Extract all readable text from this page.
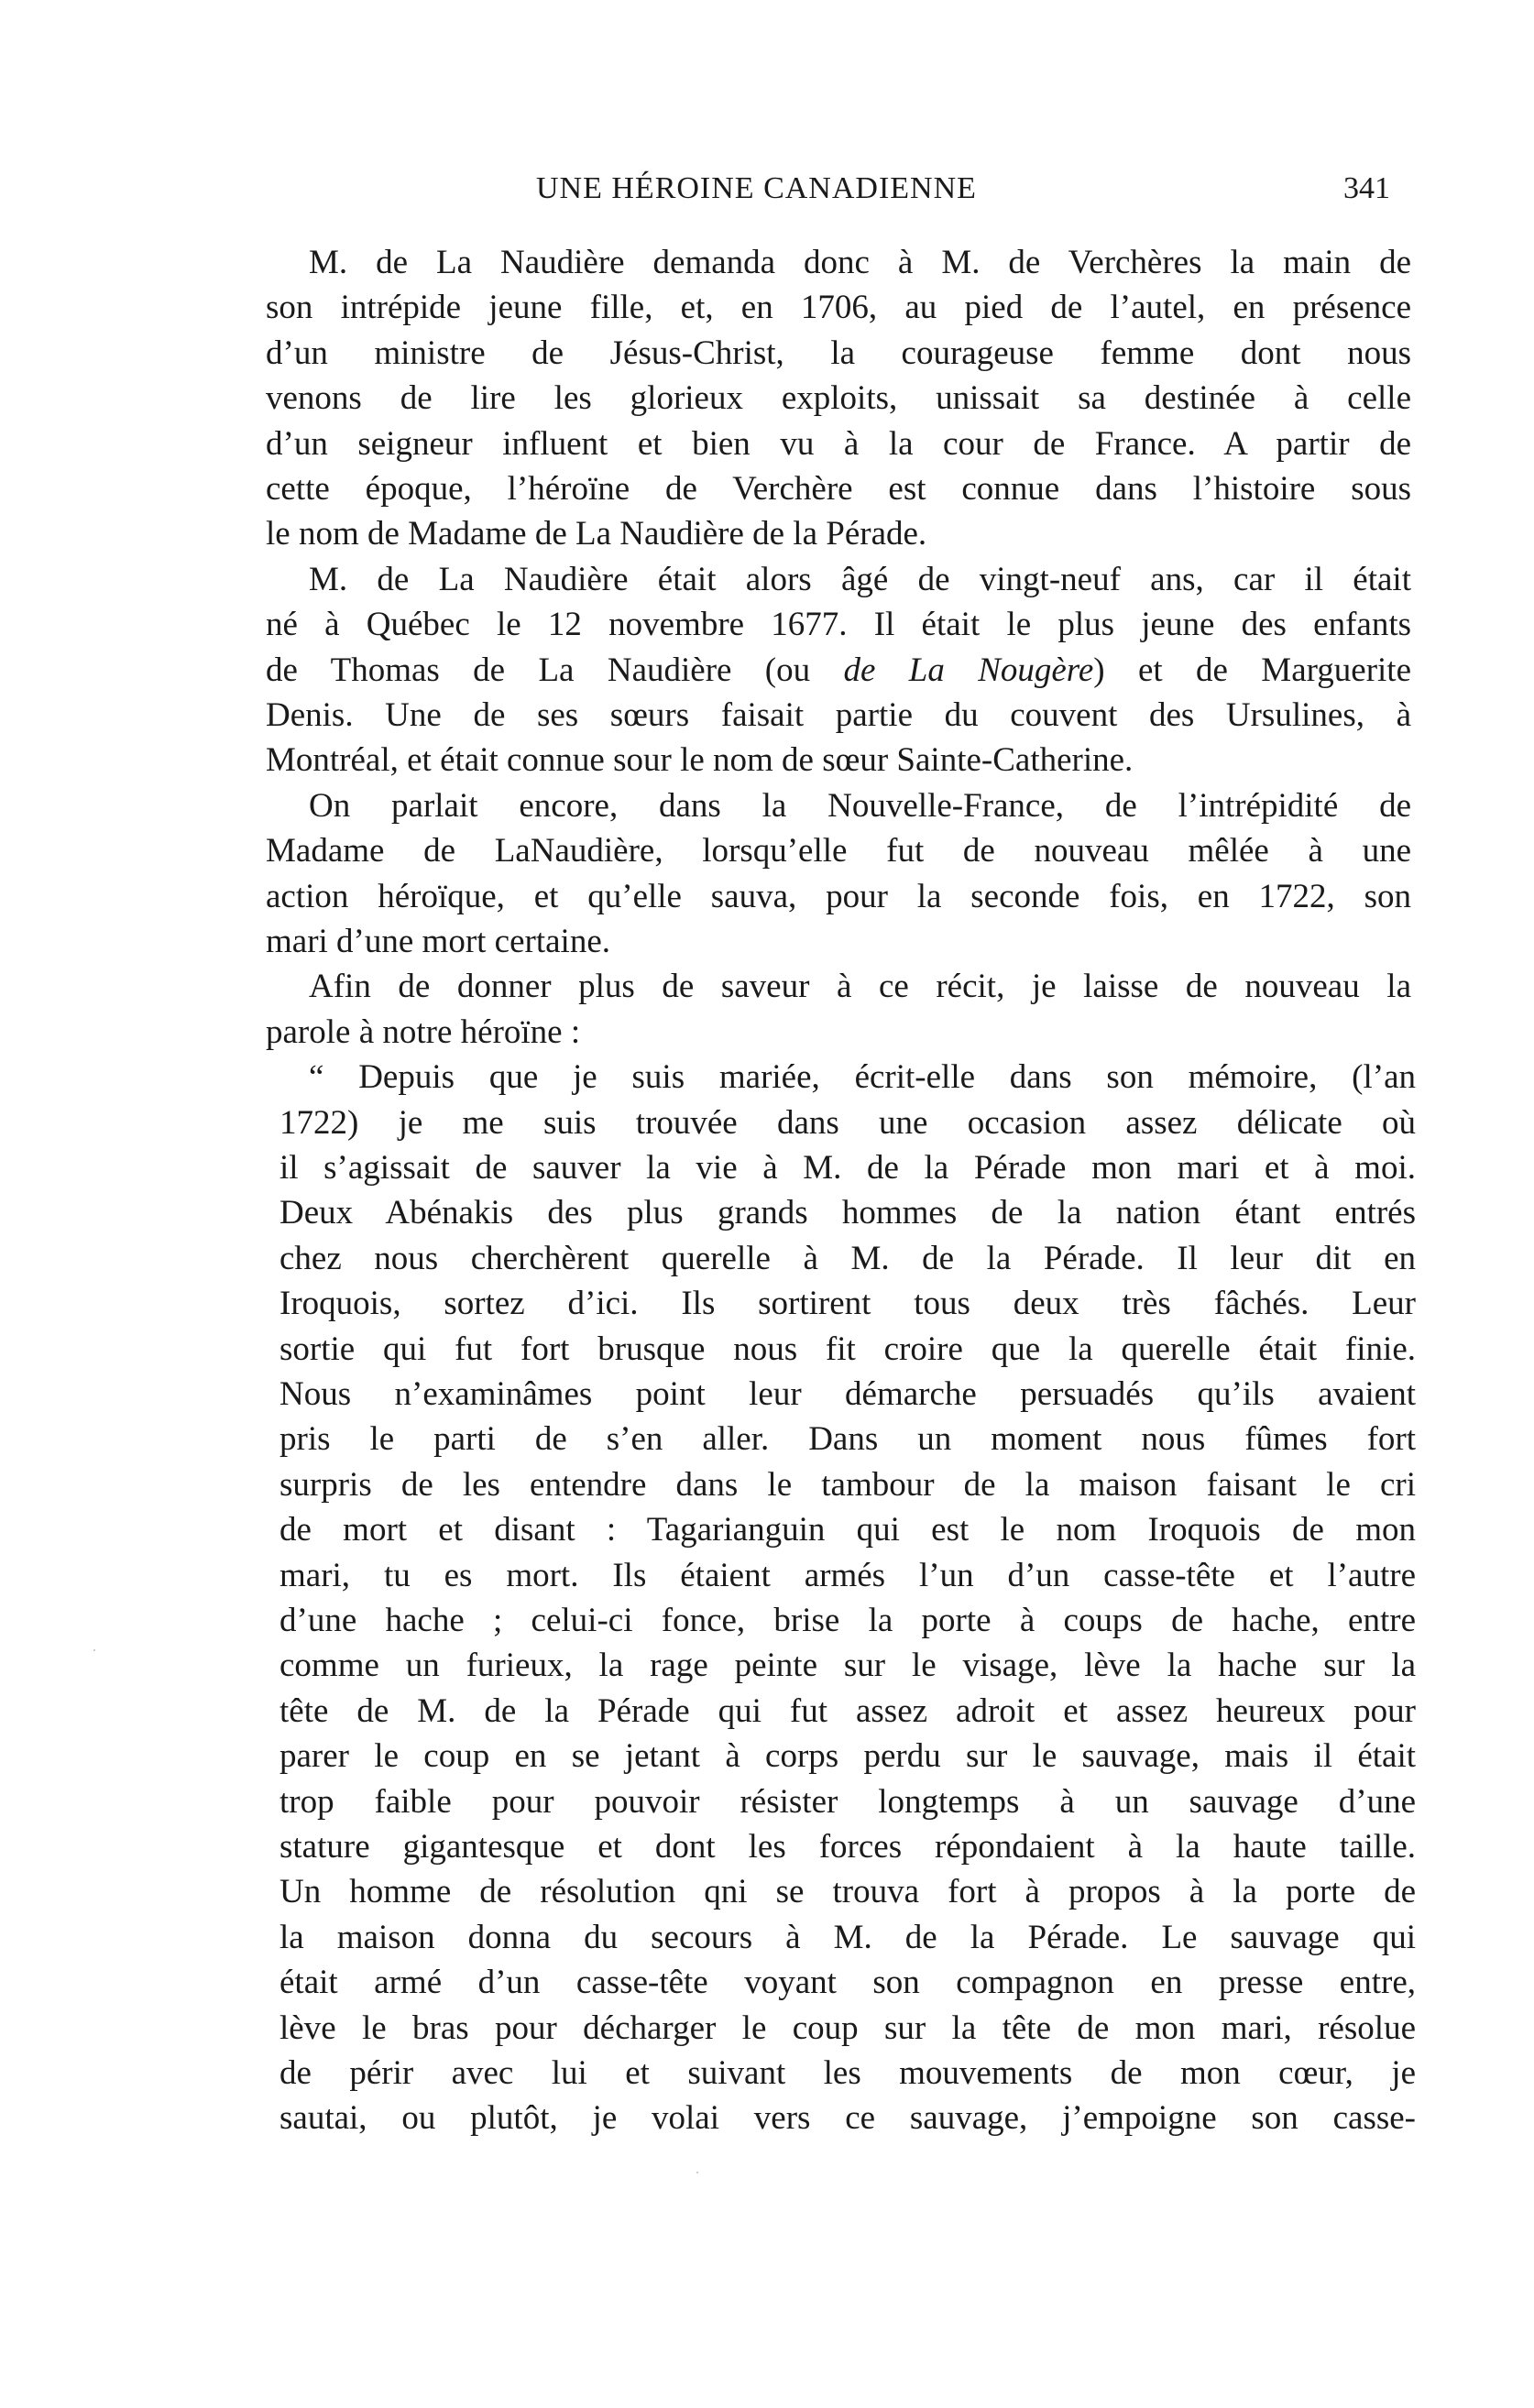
UNE HÉROINE CANADIENNE	341
M. de La Naudière demanda donc à M. de Verchères la main de
son intrépide jeune fille, et, en 1706, au pied de l’autel, en présence
d’un ministre de Jésus-Christ, la courageuse femme dont nous
venons de lire les glorieux exploits, unissait sa destinée à celle
d’un seigneur influent et bien vu à la cour de France. A partir de
cette époque, l’héroïne de Verchère est connue dans l’histoire sous
le nom de Madame de La Naudière de la Pérade.
M. de La Naudière était alors âgé de vingt-neuf ans, car il était
né à Québec le 12 novembre 1677. Il était le plus jeune des enfants
de Thomas de La Naudière (ou de La Nougère) et de Marguerite
Denis. Une de ses sœurs faisait partie du couvent des Ursulines, à
Montréal, et était connue sour le nom de sœur Sainte-Catherine.
On parlait encore, dans la Nouvelle-France, de l’intrépidité de
Madame de LaNaudière, lorsqu’elle fut de nouveau mêlée à une
action héroïque, et qu’elle sauva, pour la seconde fois, en 1722, son
mari d’une mort certaine.
Afin de donner plus de saveur à ce récit, je laisse de nouveau la
parole à notre héroïne :
“ Depuis que je suis mariée, écrit-elle dans son mémoire, (l’an
1722) je me suis trouvée dans une occasion assez délicate où
il s’agissait de sauver la vie à M. de la Pérade mon mari et à moi.
Deux Abénakis des plus grands hommes de la nation étant entrés
chez nous cherchèrent querelle à M. de la Pérade. Il leur dit en
Iroquois, sortez d’ici. Ils sortirent tous deux très fâchés. Leur
sortie qui fut fort brusque nous fit croire que la querelle était finie.
Nous n’examinâmes point leur démarche persuadés qu’ils avaient
pris le parti de s’en aller. Dans un moment nous fûmes fort
surpris de les entendre dans le tambour de la maison faisant le cri
de mort et disant : Tagarianguin qui est le nom Iroquois de mon
mari, tu es mort. Ils étaient armés l’un d’un casse-tête et l’autre
d’une hache ; celui-ci fonce, brise la porte à coups de hache, entre
comme un furieux, la rage peinte sur le visage, lève la hache sur la
tête de M. de la Pérade qui fut assez adroit et assez heureux pour
parer le coup en se jetant à corps perdu sur le sauvage, mais il était
trop faible pour pouvoir résister longtemps à un sauvage d’une
stature gigantesque et dont les forces répondaient à la haute taille.
Un homme de résolution qni se trouva fort à propos à la porte de
la maison donna du secours à M. de la Pérade. Le sauvage qui
était armé d’un casse-tête voyant son compagnon en presse entre,
lève le bras pour décharger le coup sur la tête de mon mari, résolue
de périr avec lui et suivant les mouvements de mon cœur, je
sautai, ou plutôt, je volai vers ce sauvage, j’empoigne son casse-
